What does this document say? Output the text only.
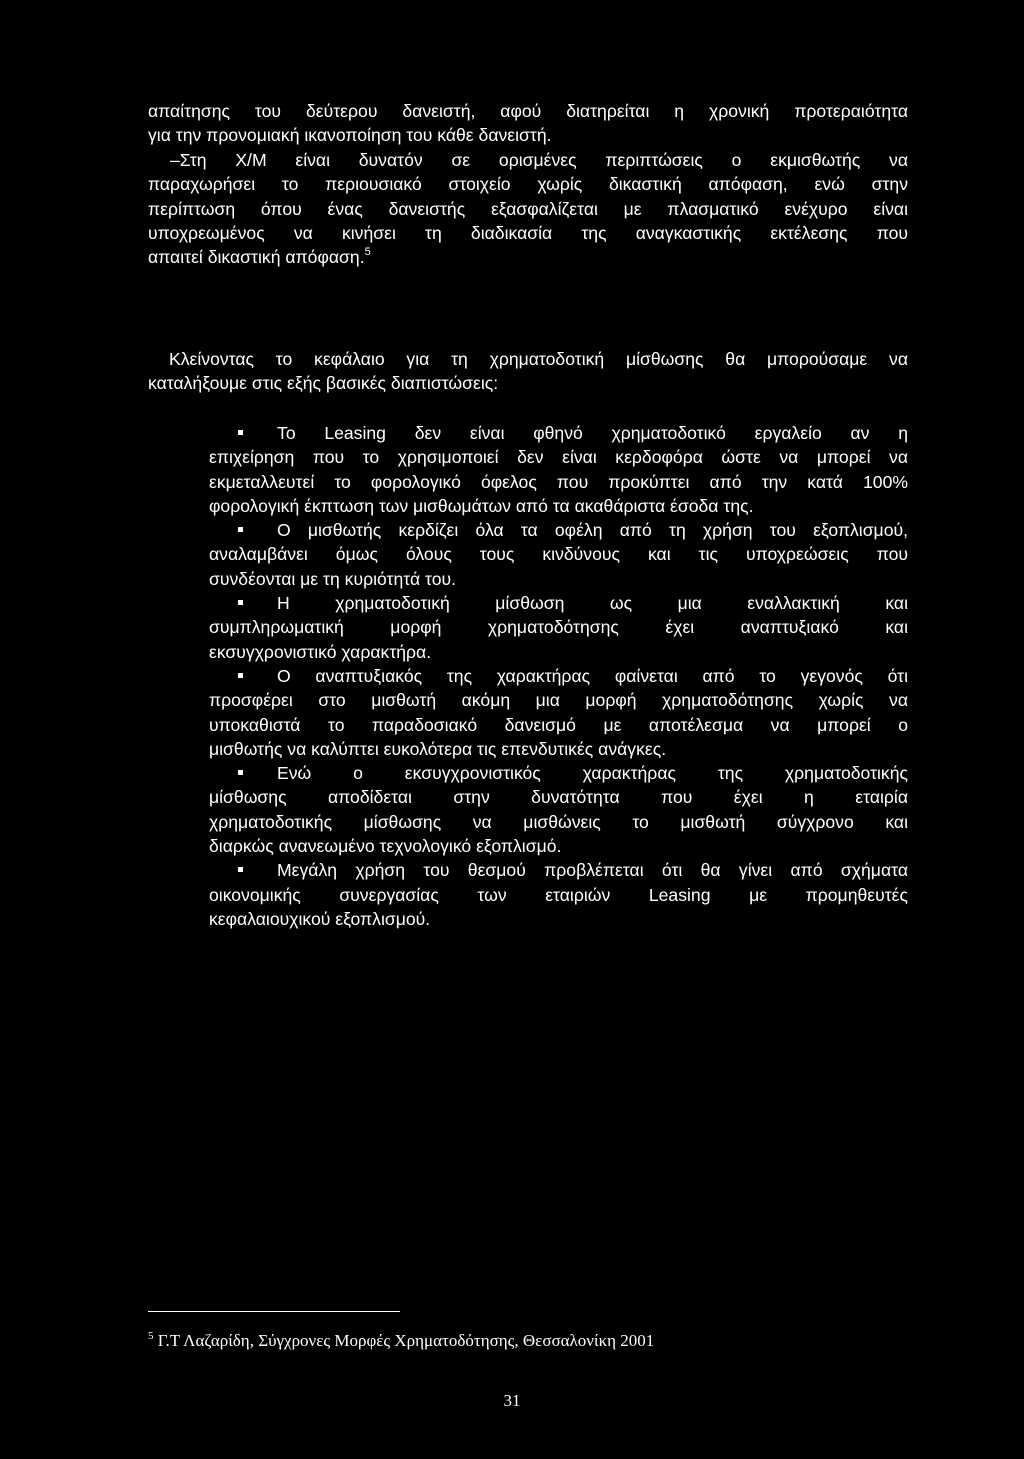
απαίτησης του δεύτερου δανειστή, αφού διατηρείται η χρονική προτεραιότητα
για την προνομιακή ικανοποίηση του κάθε δανειστή.
–Στη Χ/Μ είναι δυνατόν σε ορισμένες περιπτώσεις ο εκμισθωτής να
παραχωρήσει το περιουσιακό στοιχείο χωρίς δικαστική απόφαση, ενώ στην
περίπτωση όπου ένας δανειστής εξασφαλίζεται με πλασματικό ενέχυρο είναι
υποχρεωμένος να κινήσει τη διαδικασία της αναγκαστικής εκτέλεσης που
απαιτεί δικαστική απόφαση.$^5$
Κλείνοντας το κεφάλαιο για τη χρηματοδοτική μίσθωσης θα μπορούσαμε να
καταλήξουμε στις εξής βασικές διαπιστώσεις:
Το Leasing δεν είναι φθηνό χρηματοδοτικό εργαλείο αν η
επιχείρηση που το χρησιμοποιεί δεν είναι κερδοφόρα ώστε να μπορεί να
εκμεταλλευτεί το φορολογικό όφελος που προκύπτει από την κατά 100%
φορολογική έκπτωση των μισθωμάτων από τα ακαθάριστα έσοδα της.
Ο μισθωτής κερδίζει όλα τα οφέλη από τη χρήση του εξοπλισμού,
αναλαμβάνει όμως όλους τους κινδύνους και τις υποχρεώσεις που
συνδέονται με τη κυριότητά του.
Η χρηματοδοτική μίσθωση ως μια εναλλακτική και
συμπληρωματική μορφή χρηματοδότησης έχει αναπτυξιακό και
εκσυγχρονιστικό χαρακτήρα.
Ο αναπτυξιακός της χαρακτήρας φαίνεται από το γεγονός ότι
προσφέρει στο μισθωτή ακόμη μια μορφή χρηματοδότησης χωρίς να
υποκαθιστά το παραδοσιακό δανεισμό με αποτέλεσμα να μπορεί ο
μισθωτής να καλύπτει ευκολότερα τις επενδυτικές ανάγκες.
Ενώ ο εκσυγχρονιστικός χαρακτήρας της χρηματοδοτικής
μίσθωσης αποδίδεται στην δυνατότητα που έχει η εταιρία
χρηματοδοτικής μίσθωσης να μισθώνεις το μισθωτή σύγχρονο και
διαρκώς ανανεωμένο τεχνολογικό εξοπλισμό.
Μεγάλη χρήση του θεσμού προβλέπεται ότι θα γίνει από σχήματα
οικονομικής συνεργασίας των εταιριών Leasing με προμηθευτές
κεφαλαιουχικού εξοπλισμού.
$^5$ Γ.Τ Λαζαρίδη, Σύγχρονες Μορφές Χρηματοδότησης, Θεσσαλονίκη 2001
31
